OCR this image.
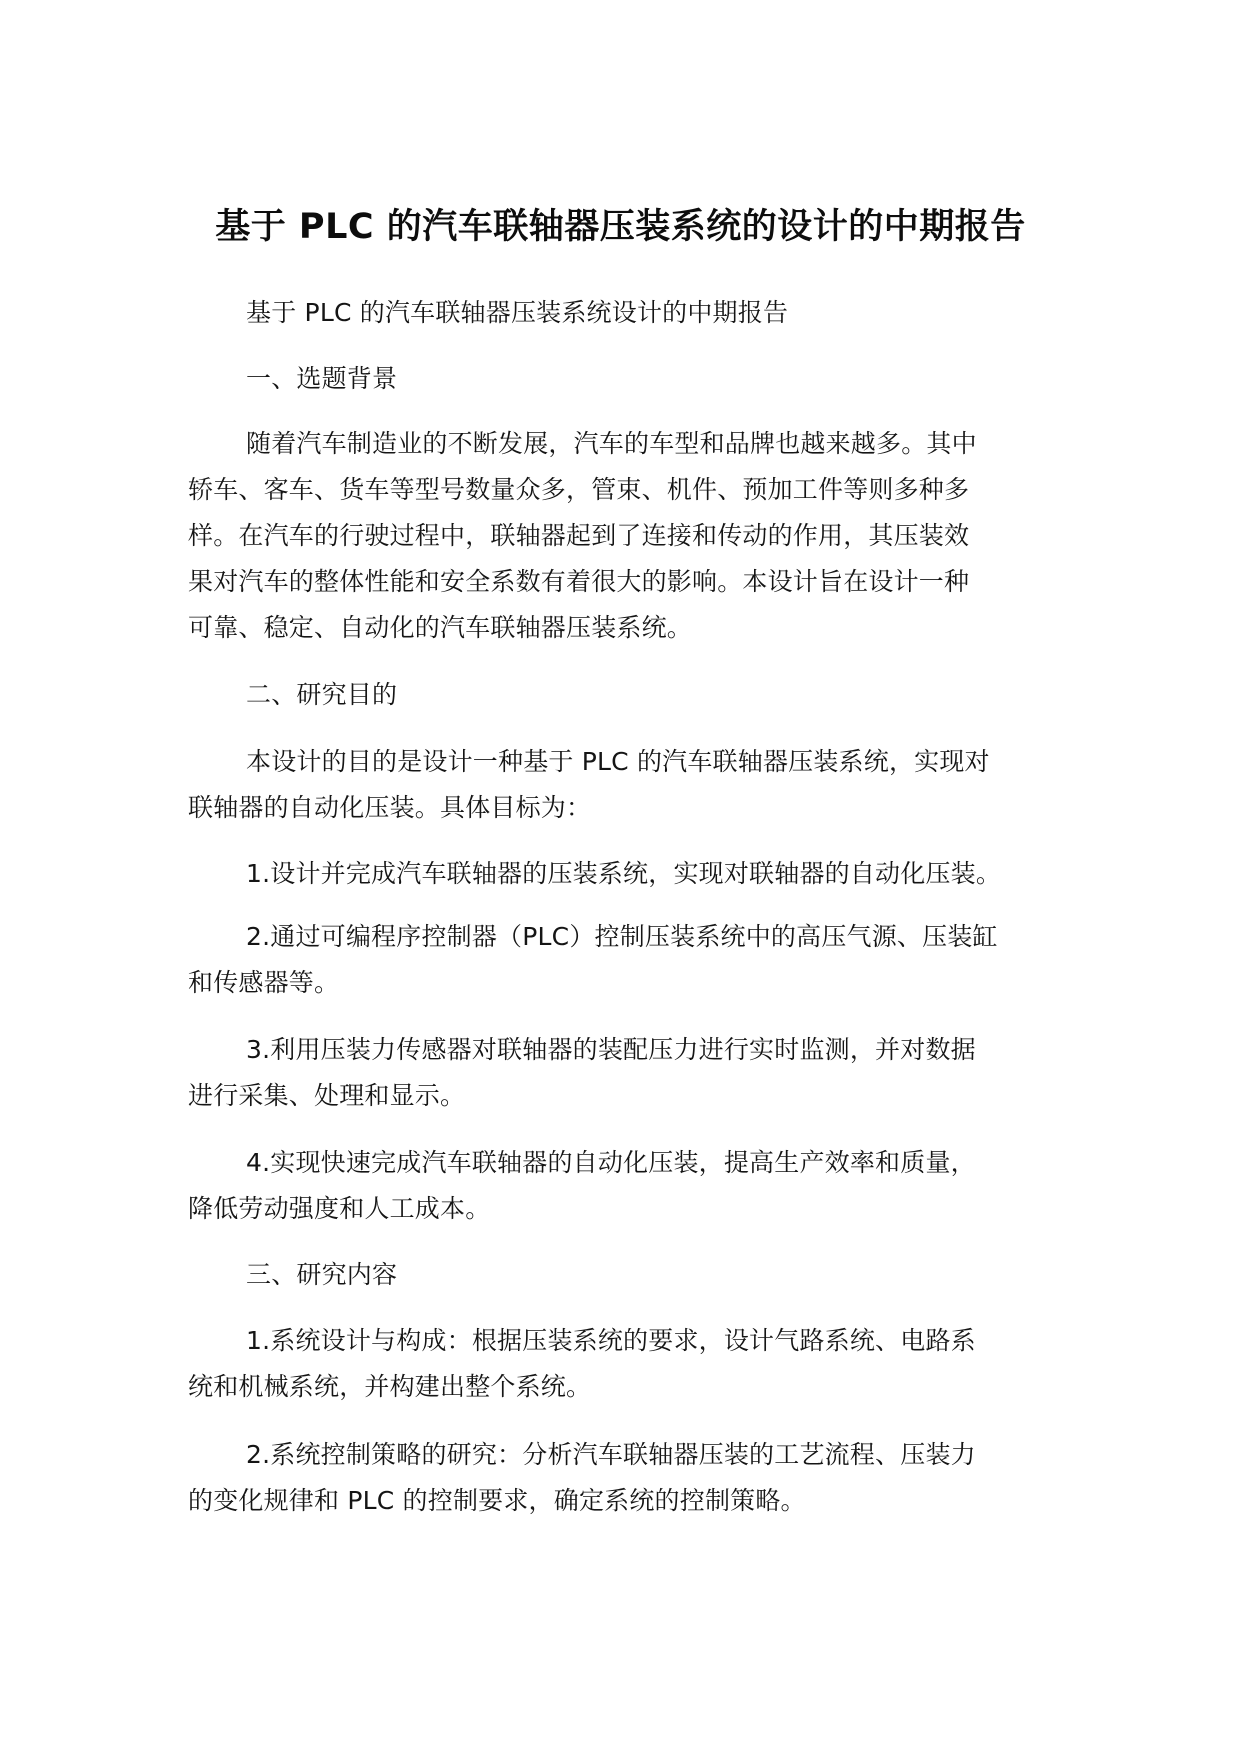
基于 PLC 的汽车联轴器压装系统的设计的中期报告

基于 PLC 的汽车联轴器压装系统设计的中期报告

一、选题背景

随着汽车制造业的不断发展，汽车的车型和品牌也越来越多。其中
轿车、客车、货车等型号数量众多，管束、机件、预加工件等则多种多
样。在汽车的行驶过程中，联轴器起到了连接和传动的作用，其压装效
果对汽车的整体性能和安全系数有着很大的影响。本设计旨在设计一种
可靠、稳定、自动化的汽车联轴器压装系统。

二、研究目的

本设计的目的是设计一种基于 PLC 的汽车联轴器压装系统，实现对
联轴器的自动化压装。具体目标为：

1.设计并完成汽车联轴器的压装系统，实现对联轴器的自动化压装。

2.通过可编程序控制器（PLC）控制压装系统中的高压气源、压装缸
和传感器等。

3.利用压装力传感器对联轴器的装配压力进行实时监测，并对数据
进行采集、处理和显示。

4.实现快速完成汽车联轴器的自动化压装，提高生产效率和质量，
降低劳动强度和人工成本。

三、研究内容

1.系统设计与构成：根据压装系统的要求，设计气路系统、电路系
统和机械系统，并构建出整个系统。

2.系统控制策略的研究：分析汽车联轴器压装的工艺流程、压装力
的变化规律和 PLC 的控制要求，确定系统的控制策略。
